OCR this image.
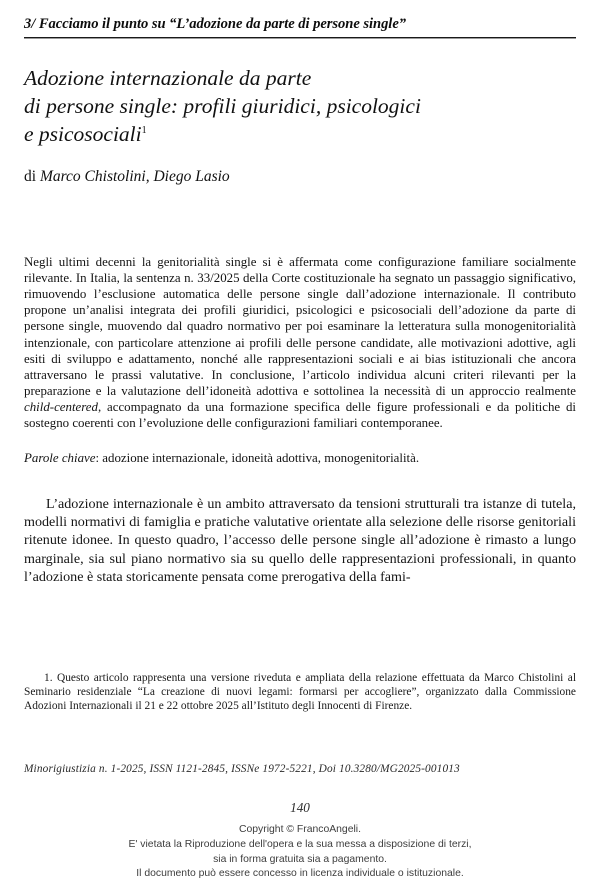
3/ Facciamo il punto su “L’adozione da parte di persone single”
Adozione internazionale da parte
di persone single: profili giuridici, psicologici
e psicosociali$^1$
di Marco Chistolini, Diego Lasio
Negli ultimi decenni la genitorialità single si è affermata come configurazione familiare socialmente rilevante. In Italia, la sentenza n. 33/2025 della Corte costituzionale ha segnato un passaggio significativo, rimuovendo l’esclusione automatica delle persone single dall’adozione internazionale. Il contributo propone un’analisi integrata dei profili giuridici, psicologici e psicosociali dell’adozione da parte di persone single, muovendo dal quadro normativo per poi esaminare la letteratura sulla monogenitorialità intenzionale, con particolare attenzione ai profili delle persone candidate, alle motivazioni adottive, agli esiti di sviluppo e adattamento, nonché alle rappresentazioni sociali e ai bias istituzionali che ancora attraversano le prassi valutative. In conclusione, l’articolo individua alcuni criteri rilevanti per la preparazione e la valutazione dell’idoneità adottiva e sottolinea la necessità di un approccio realmente child-centered, accompagnato da una formazione specifica delle figure professionali e da politiche di sostegno coerenti con l’evoluzione delle configurazioni familiari contemporanee.
Parole chiave: adozione internazionale, idoneità adottiva, monogenitorialità.

L’adozione internazionale è un ambito attraversato da tensioni strutturali tra istanze di tutela, modelli normativi di famiglia e pratiche valutative orientate alla selezione delle risorse genitoriali ritenute idonee. In questo quadro, l’accesso delle persone single all’adozione è rimasto a lungo marginale, sia sul piano normativo sia su quello delle rappresentazioni professionali, in quanto l’adozione è stata storicamente pensata come prerogativa della fami-

1. Questo articolo rappresenta una versione riveduta e ampliata della relazione effettuata da Marco Chistolini al Seminario residenziale “La creazione di nuovi legami: formarsi per accogliere”, organizzato dalla Commissione Adozioni Internazionali il 21 e 22 ottobre 2025 all’Istituto degli Innocenti di Firenze.
Minorigiustizia n. 1-2025, ISSN 1121-2845, ISSNe 1972-5221, Doi 10.3280/MG2025-001013
140
Copyright © FrancoAngeli.
E' vietata la Riproduzione dell'opera e la sua messa a disposizione di terzi,
sia in forma gratuita sia a pagamento.
Il documento può essere concesso in licenza individuale o istituzionale.
